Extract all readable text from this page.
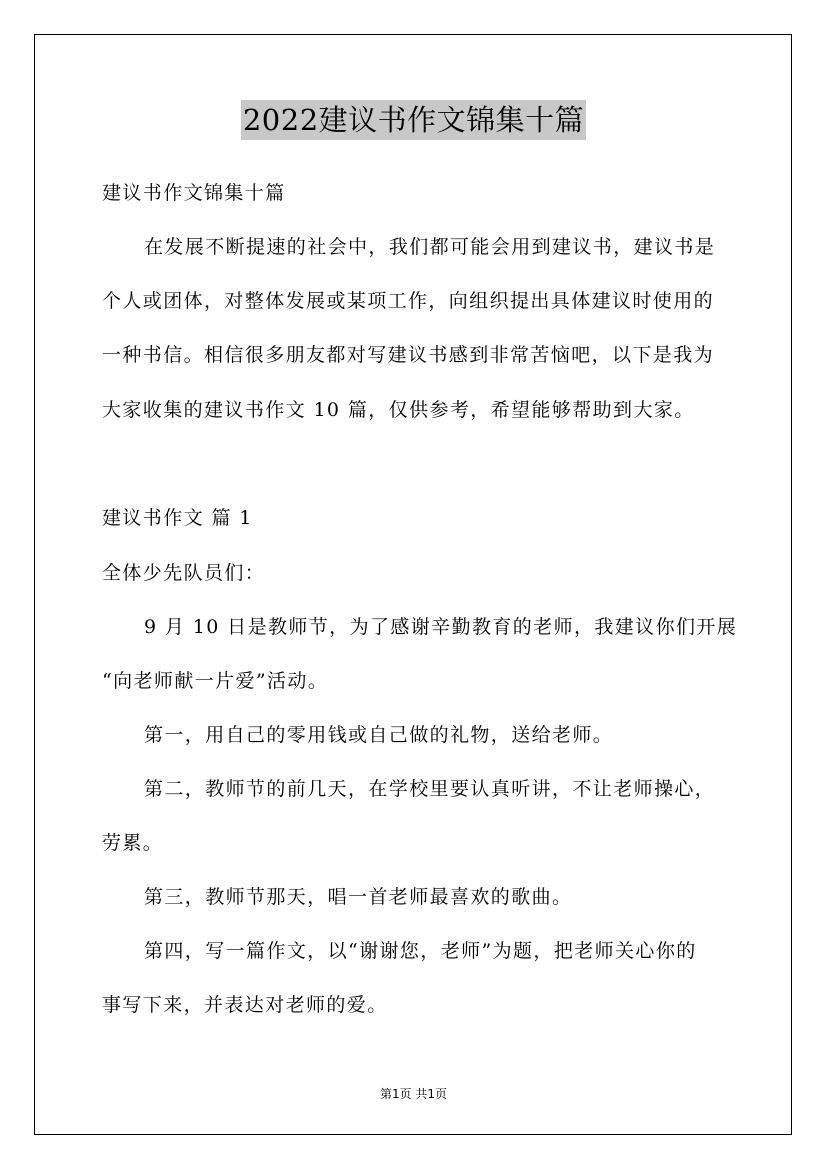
2022建议书作文锦集十篇
建议书作文锦集十篇
在发展不断提速的社会中，我们都可能会用到建议书，建议书是
个人或团体，对整体发展或某项工作，向组织提出具体建议时使用的
一种书信。相信很多朋友都对写建议书感到非常苦恼吧，以下是我为
大家收集的建议书作文 10 篇，仅供参考，希望能够帮助到大家。
建议书作文 篇 1
全体少先队员们：
9 月 10 日是教师节，为了感谢辛勤教育的老师，我建议你们开展
“向老师献一片爱”活动。
第一，用自己的零用钱或自己做的礼物，送给老师。
第二，教师节的前几天，在学校里要认真听讲，不让老师操心，
劳累。
第三，教师节那天，唱一首老师最喜欢的歌曲。
第四，写一篇作文，以“谢谢您，老师”为题，把老师关心你的
事写下来，并表达对老师的爱。
第1页 共1页
